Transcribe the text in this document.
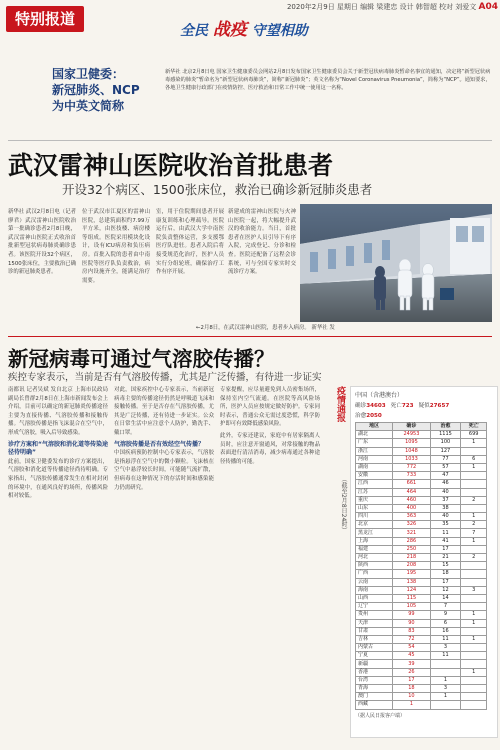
特别报道
2020年2月9日 星期日 编辑 梁建忠 设计 韩智超 校对 刘爱文 A04
全民 战疫 守望相助
国家卫健委：
新冠肺炎、NCP
为中英文简称
新华社 北京2月8日电 国家卫生健康委员会网站2月8日发布国家卫生健康委员会关于新型冠状病毒肺炎暂命名事宜的通知，决定将“新型冠状病毒感染的肺炎”暂命名为“新型冠状病毒肺炎”，简称“新冠肺炎”；英文名称为“Novel Coronavirus Pneumonia”，简称为“NCP”。通知要求，各地卫生健康行政部门在疫情防控、医疗救治和日常工作中统一使用这一名称。
武汉雷神山医院收治首批患者
开设32个病区、1500张床位，救治已确诊新冠肺炎患者
新华社 武汉2月8日电（记者廖君）武汉雷神山医院收治第一批确诊患者2月8日晚，武汉雷神山医院正式收治首批新型冠状病毒肺炎确诊患者。该医院开设32个病区，1500张床位，主要救治已确诊的新冠肺炎患者。
位于武汉市江夏区的雷神山医院，总建筑面积约7.99万平方米，由医技楼、病房楼等组成。医院采用模块化设计，设有ICU病房和负压病房。首批入院的患者由中南医院等医疗队负责救治，病房内设施齐全，能满足治疗需要。
室，用于住院期间患者开展康复训练和心理疏导。医院运行后，由武汉大学中南医院负责整体运营，多支援鄂医疗队进驻。患者入院后将接受规范化治疗，医护人员实行分组轮班，确保治疗工作有序开展。
新建成的雷神山医院与火神山医院一起，将大幅提升武汉的收治能力。当日，首批患者在医护人员引导下有序入院，完成登记、分诊和检查。医院还配备了远程会诊系统，可与全国专家实时交流诊疗方案。
←2月8日，在武汉雷神山医院，患者步入病房。 新华社 发
新冠病毒可通过气溶胶传播？
疾控专家表示，当前是否有气溶胶传播，尤其是广泛传播，有待进一步证实

南都讯 记者吴斌 发自北京 上海市民政局副局长曾群2月8日在上海市新闻发布会上介绍，目前可以确定的新冠肺炎传播途径主要为直接传播、气溶胶传播和接触传播。气溶胶传播是指飞沫混合在空气中，形成气溶胶，吸入后导致感染。

诊疗方案和“气溶胶和消化道等传染途径待明确”

此前，国家卫健委发布的诊疗方案提出，气溶胶和消化道等传播途径尚待明确。专家指出，气溶胶传播通常发生在相对封闭的环境中，在通风良好的场所，传播风险相对较低。

对此，国家疾控中心专家表示，当前新冠病毒主要的传播途径仍然是呼吸道飞沫和接触传播。至于是否存在气溶胶传播，尤其是广泛传播，还有待进一步证实。公众在日常生活中应注意个人防护，勤洗手、戴口罩。

气溶胶传播是否有效经空气传播？

中国疾病预防控制中心专家表示，气溶胶是指悬浮在空气中的微小颗粒。飞沫核在空气中悬浮较长时间，可能随气流扩散，但病毒在这种情况下的存活时间和感染能力仍需研究。

专家提醒，应尽量避免到人员密集场所，保持室内空气流通。在医院等高风险场所，医护人员应按规定做好防护。专家同时表示，普通公众无需过度恐慌，科学防护即可有效降低感染风险。

此外，专家还建议，家庭中有居家隔离人员时，应注意开窗通风，对常接触的物品表面进行清洁消毒，减少病毒通过各种途径传播的可能。

疫情通报
（截至2月8日24时）
中国（含港澳台）
确诊34603 死亡723 疑似27657
治愈2050
地区	确诊	治愈	死亡
湖北	24953	1115	699
广东	1095	100	1
浙江	1048	127	
河南	1033	77	6
湖南	772	57	1
安徽	733	47	
江西	661	46	
江苏	464	40	
重庆	460	37	2
山东	400	38	
四川	363	40	1
北京	326	35	2
黑龙江	321	11	7
上海	286	41	1
福建	250	17	
河北	218	21	2
陕西	208	15	
广西	195	18	
云南	138	17	
海南	124	12	3
山西	115	14	
辽宁	105	7	
贵州	99	9	1
天津	90	6	1
甘肃	83	16	
吉林	72	11	1
内蒙古	54	3	
宁夏	45	11	
新疆	39		
香港	26		1
台湾	17	1	
青海	18	3	
澳门	10	1	
西藏	1		
（据人民日报客户端）
